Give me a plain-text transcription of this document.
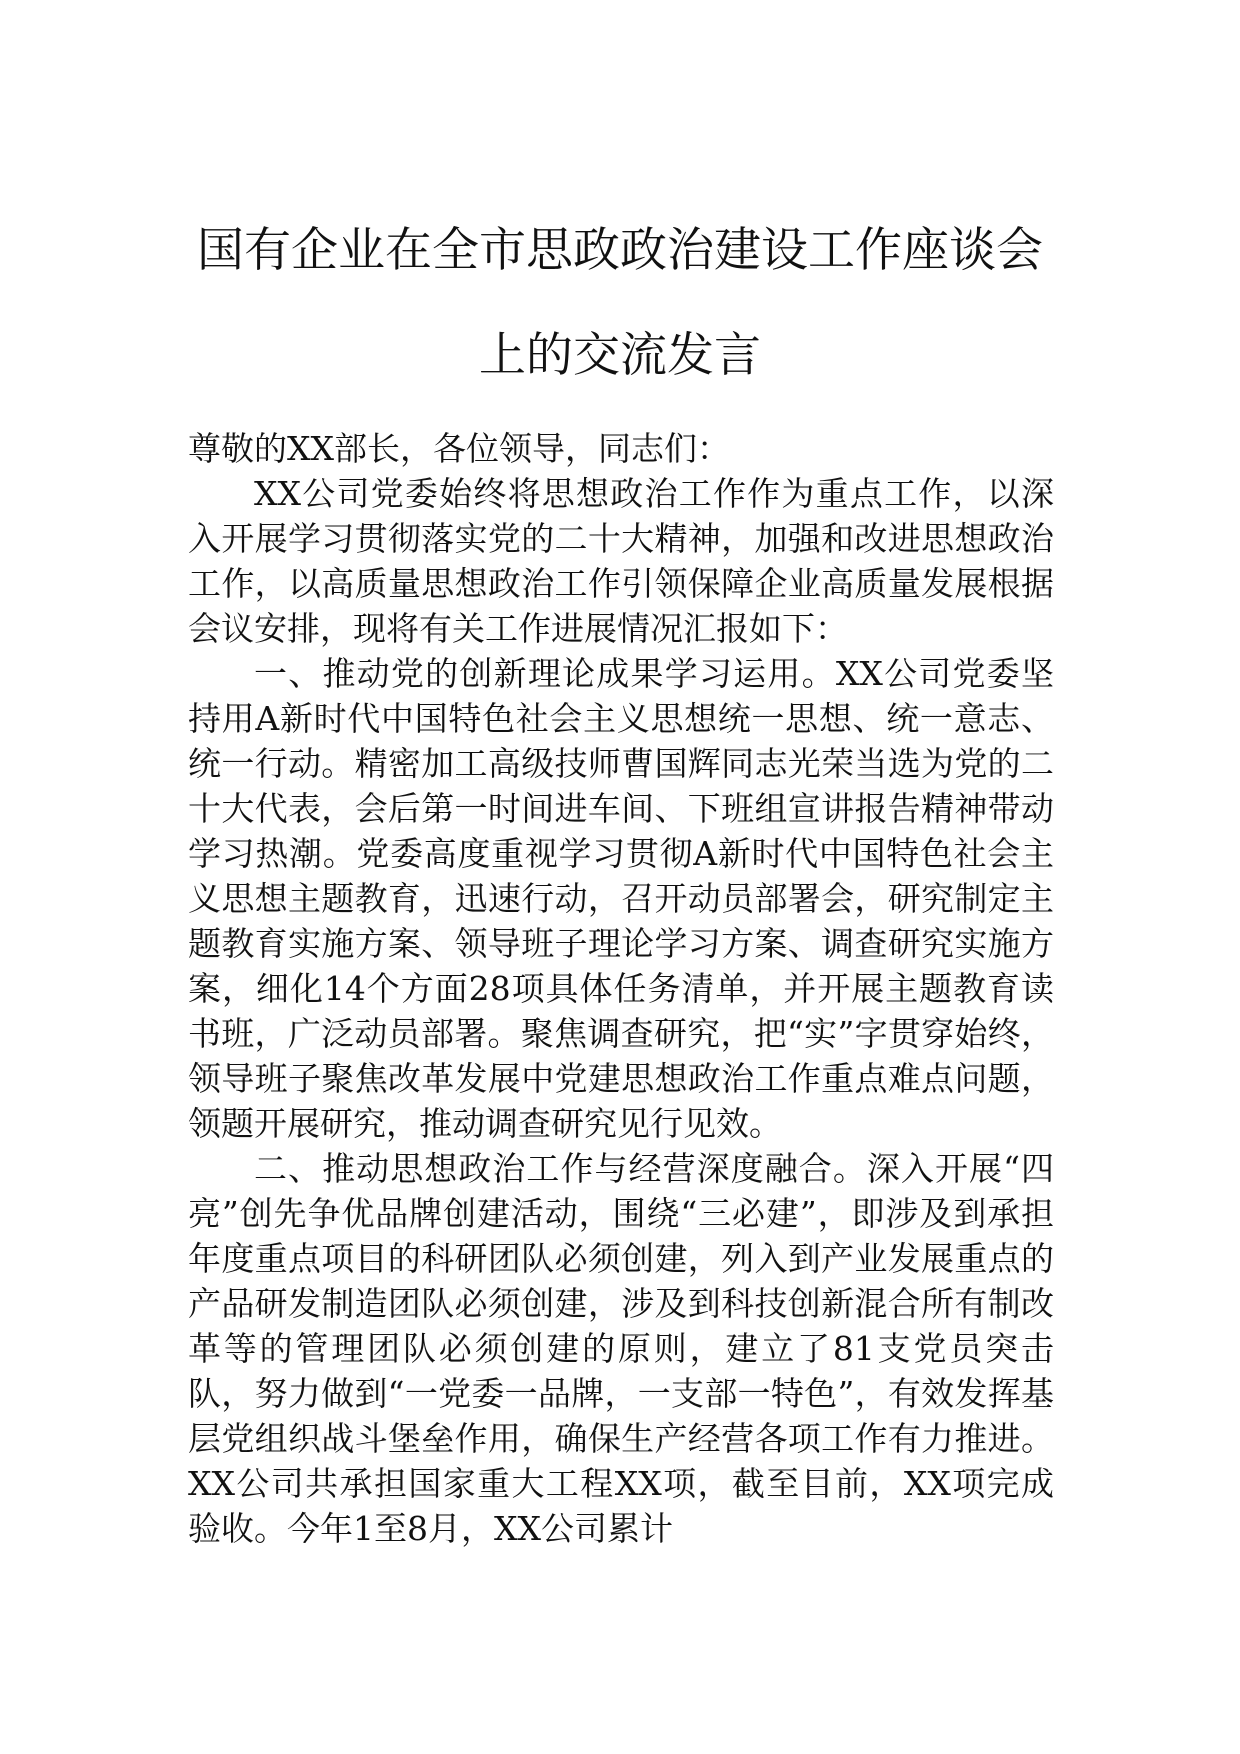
国有企业在全市思政政治建设工作座谈会
上的交流发言

尊敬的XX部长，各位领导，同志们：

XX公司党委始终将思想政治工作作为重点工作，以深入开展学习贯彻落实党的二十大精神，加强和改进思想政治工作，以高质量思想政治工作引领保障企业高质量发展根据会议安排，现将有关工作进展情况汇报如下：

一、推动党的创新理论成果学习运用。XX公司党委坚持用A新时代中国特色社会主义思想统一思想、统一意志、统一行动。精密加工高级技师曹国辉同志光荣当选为党的二十大代表，会后第一时间进车间、下班组宣讲报告精神带动学习热潮。党委高度重视学习贯彻A新时代中国特色社会主义思想主题教育，迅速行动，召开动员部署会，研究制定主题教育实施方案、领导班子理论学习方案、调查研究实施方案，细化14个方面28项具体任务清单，并开展主题教育读书班，广泛动员部署。聚焦调查研究，把“实”字贯穿始终，领导班子聚焦改革发展中党建思想政治工作重点难点问题，领题开展研究，推动调查研究见行见效。

二、推动思想政治工作与经营深度融合。深入开展“四亮”创先争优品牌创建活动，围绕“三必建”，即涉及到承担年度重点项目的科研团队必须创建，列入到产业发展重点的产品研发制造团队必须创建，涉及到科技创新混合所有制改革等的管理团队必须创建的原则，建立了81支党员突击队，努力做到“一党委一品牌，一支部一特色”，有效发挥基层党组织战斗堡垒作用，确保生产经营各项工作有力推进。XX公司共承担国家重大工程XX项，截至目前，XX项完成验收。今年1至8月，XX公司累计
